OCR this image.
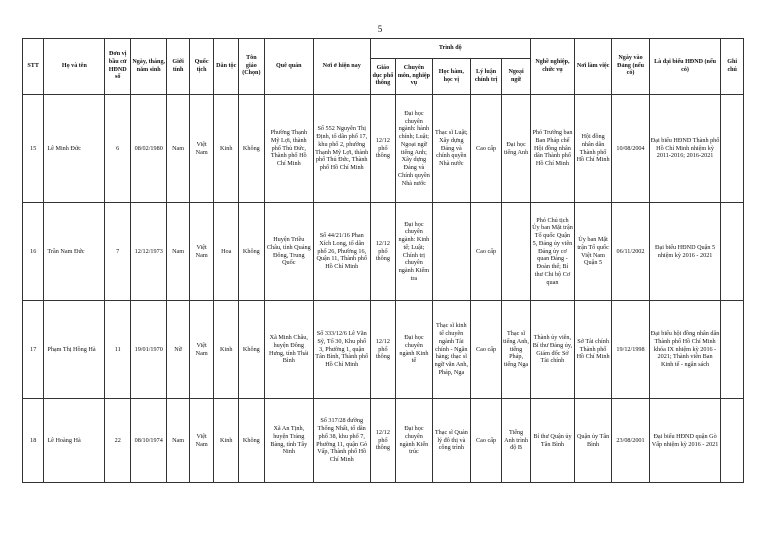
5
STT	Họ và tên	Đơn vị bầu cử HĐND số	Ngày, tháng, năm sinh	Giới tính	Quốc tịch	Dân tộc	Tôn giáo (Chọn)	Quê quán	Nơi ở hiện nay	Trình độ					Nghề nghiệp, chức vụ	Nơi làm việc	Ngày vào Đảng (nếu có)	Là đại biểu HĐND (nếu có)	Ghi chú
										Giáo dục phổ thông	Chuyên môn, nghiệp vụ	Học hàm, học vị	Lý luận chính trị	Ngoại ngữ					
15	Lê Minh Đức	6	08/02/1980	Nam	Việt Nam	Kinh	Không	Phường Thạnh Mỹ Lợi, thành phố Thủ Đức, Thành phố Hồ Chí Minh	Số 552 Nguyễn Thị Định, tổ dân phố 17, khu phố 2, phường Thạnh Mỹ Lợi, thành phố Thủ Đức, Thành phố Hồ Chí Minh	12/12 phổ thông	Đại học chuyên ngành: hành chính; Luật; Ngoại ngữ tiếng Anh; Xây dựng Đảng và Chính quyền Nhà nước	Thạc sĩ Luật; Xây dựng Đảng và chính quyền Nhà nước	Cao cấp	Đại học tiếng Anh	Phó Trưởng ban Ban Pháp chế Hội đồng nhân dân Thành phố Hồ Chí Minh	Hội đồng nhân dân Thành phố Hồ Chí Minh	10/08/2004	Đại biểu HĐND Thành phố Hồ Chí Minh nhiệm kỳ 2011-2016; 2016-2021	
16	Trần Nam Đức	7	12/12/1973	Nam	Việt Nam	Hoa	Không	Huyện Triều Châu, tỉnh Quảng Đông, Trung Quốc	Số 44/21/16 Phan Xích Long, tổ dân phố 26, Phường 16, Quận 11, Thành phố Hồ Chí Minh	12/12 phổ thông	Đại học chuyên ngành: Kinh tế; Luật; Chính trị chuyên ngành Kiểm tra		Cao cấp		Phó Chủ tịch Ủy ban Mặt trận Tổ quốc Quận 5, Đảng ủy viên Đảng ủy cơ quan Đảng - Đoàn thể; Bí thư Chi bộ Cơ quan	Ủy ban Mặt trận Tổ quốc Việt Nam Quận 5	06/11/2002	Đại biểu HĐND Quận 5 nhiệm kỳ 2016 - 2021	
17	Phạm Thị Hồng Hà	11	19/01/1970	Nữ	Việt Nam	Kinh	Không	Xã Minh Châu, huyện Đông Hưng, tỉnh Thái Bình	Số 333/12/6 Lê Văn Sỹ, Tổ 30, Khu phố 3, Phường 1, quận Tân Bình, Thành phố Hồ Chí Minh	12/12 phổ thông	Đại học chuyên ngành Kinh tế	Thạc sĩ kinh tế chuyên ngành Tài chính - Ngân hàng; thạc sĩ ngữ văn Anh, Pháp, Nga	Cao cấp	Thạc sĩ tiếng Anh, tiếng Pháp, tiếng Nga	Thành ủy viên, Bí thư Đảng ủy, Giám đốc Sở Tài chính	Sở Tài chính Thành phố Hồ Chí Minh	19/12/1998	Đại biểu hội đồng nhân dân Thành phố Hồ Chí Minh khóa IX nhiệm kỳ 2016 - 2021; Thành viên Ban Kinh tế - ngân sách	
18	Lê Hoàng Hà	22	08/10/1974	Nam	Việt Nam	Kinh	Không	Xã An Tịnh, huyện Trảng Bàng, tỉnh Tây Ninh	Số 317/28 đường Thống Nhất, tổ dân phố 38, khu phố 7, Phường 11, quận Gò Vấp, Thành phố Hồ Chí Minh	12/12 phổ thông	Đại học chuyên ngành Kiến trúc	Thạc sĩ Quản lý đô thị và công trình	Cao cấp	Tiếng Anh trình độ B	Bí thư Quận ủy Tân Bình	Quận ủy Tân Bình	23/08/2001	Đại biểu HĐND quận Gò Vấp nhiệm kỳ 2016 - 2021	
